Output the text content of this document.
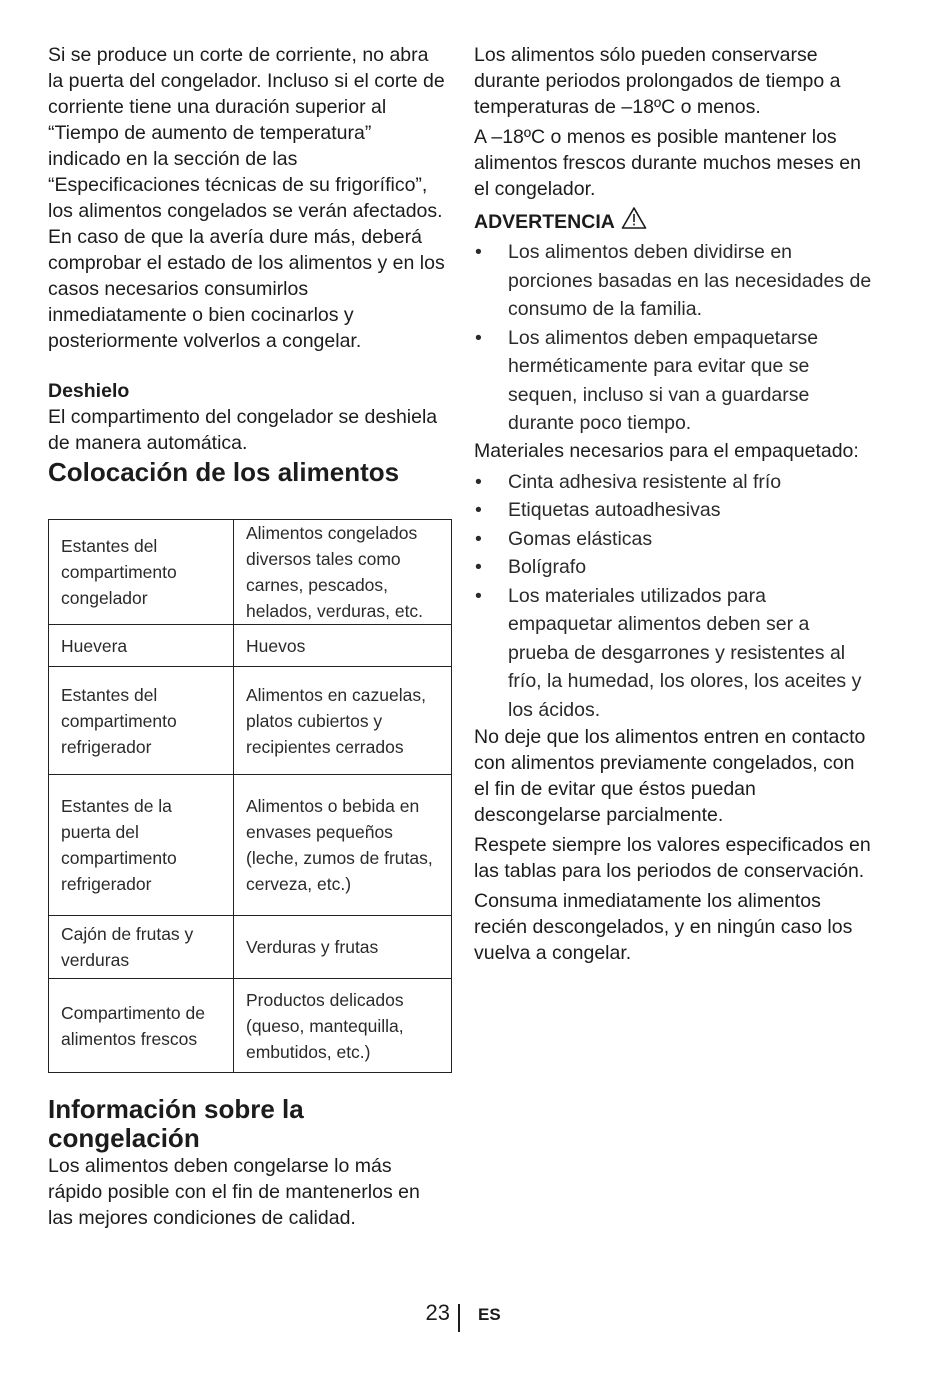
Si se produce un corte de corriente, no abra la puerta del congelador. Incluso si el corte de corriente tiene una duración superior al “Tiempo de aumento de temperatura” indicado en la sección de las “Especificaciones técnicas de su frigorífico”, los alimentos congelados se verán afectados. En caso de que la avería dure más, deberá comprobar el estado de los alimentos y en los casos necesarios consumirlos inmediatamente o bien cocinarlos y posteriormente volverlos a congelar.

Deshielo

El compartimento del congelador se deshiela de manera automática.

Colocación de los alimentos
Estantes del compartimento congelador	Alimentos congelados diversos tales como carnes, pescados, helados, verduras, etc.
Huevera	Huevos
Estantes del compartimento refrigerador	Alimentos en cazuelas, platos cubiertos y recipientes cerrados
Estantes de la puerta del compartimento refrigerador	Alimentos o bebida en envases pequeños (leche, zumos de frutas, cerveza, etc.)
Cajón de frutas y verduras	Verduras y frutas
Compartimento de alimentos frescos	Productos delicados (queso, mantequilla, embutidos, etc.)
Información sobre la congelación

Los alimentos deben congelarse lo más rápido posible con el fin de mantenerlos en las mejores condiciones de calidad.

Los alimentos sólo pueden conservarse durante periodos prolongados de tiempo a temperaturas de –18ºC o menos.

A –18ºC o menos es posible mantener los alimentos frescos durante muchos meses en el congelador.

ADVERTENCIA
• Los alimentos deben dividirse en porciones basadas en las necesidades de consumo de la familia.
• Los alimentos deben empaquetarse herméticamente para evitar que se sequen, incluso si van a guardarse durante poco tiempo.

Materiales necesarios para el empaquetado:

• Cinta adhesiva resistente al frío
• Etiquetas autoadhesivas
• Gomas elásticas
• Bolígrafo
• Los materiales utilizados para empaquetar alimentos deben ser a prueba de desgarrones y resistentes al frío, la humedad, los olores, los aceites y los ácidos.

No deje que los alimentos entren en contacto con alimentos previamente congelados, con el fin de evitar que éstos puedan descongelarse parcialmente.

Respete siempre los valores especificados en las tablas para los periodos de conservación.

Consuma inmediatamente los alimentos recién descongelados, y en ningún caso los vuelva a congelar.

23 ES
